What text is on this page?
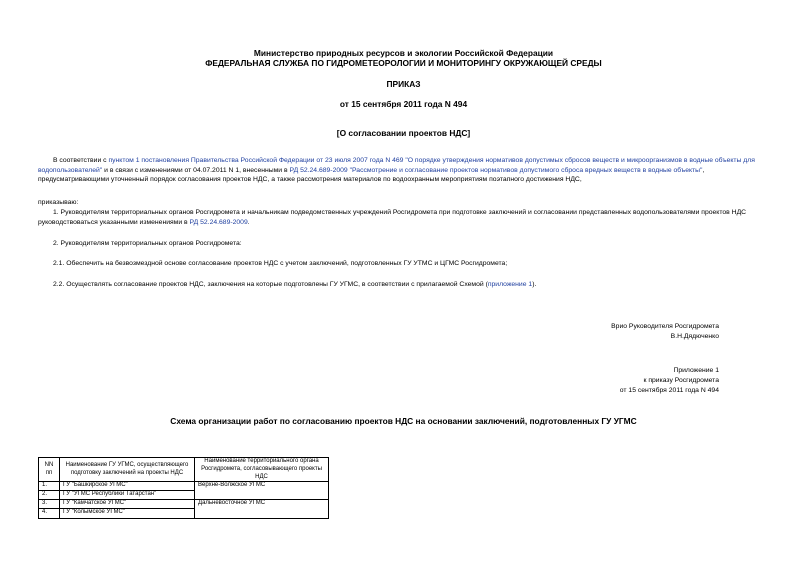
Министерство природных ресурсов и экологии Российской Федерации
ФЕДЕРАЛЬНАЯ СЛУЖБА ПО ГИДРОМЕТЕОРОЛОГИИ И МОНИТОРИНГУ ОКРУЖАЮЩЕЙ СРЕДЫ
ПРИКАЗ
от 15 сентября 2011 года N 494
[О согласовании проектов НДС]
В соответствии с пунктом 1 постановления Правительства Российской Федерации от 23 июля 2007 года N 469 "О порядке утверждения нормативов допустимых сбросов веществ и микроорганизмов в водные объекты для водопользователей" и в связи с изменениями от 04.07.2011 N 1, внесенными в РД 52.24.689-2009 "Рассмотрение и согласование проектов нормативов допустимого сброса вредных веществ в водные объекты", предусматривающими уточненный порядок согласования проектов НДС, а также рассмотрения материалов по водоохранным мероприятиям поэтапного достижения НДС,
приказываю:
1. Руководителям территориальных органов Росгидромета и начальникам подведомственных учреждений Росгидромета при подготовке заключений и согласовании представленных водопользователями проектов НДС руководствоваться указанными изменениями в РД 52.24.689-2009.
2. Руководителям территориальных органов Росгидромета:
2.1. Обеспечить на безвозмездной основе согласование проектов НДС с учетом заключений, подготовленных ГУ УТМС и ЦГМС Росгидромета;
2.2. Осуществлять согласование проектов НДС, заключения на которые подготовлены ГУ УГМС, в соответствии с прилагаемой Схемой (приложение 1).
Врио Руководителя Росгидромета
В.Н.Дядюченко
Приложение 1
к приказу Росгидромета
от 15 сентября 2011 года N 494
Схема организации работ по согласованию проектов НДС на основании заключений, подготовленных ГУ УГМС
NN пп	Наименование ГУ УГМС, осуществляющего подготовку заключений на проекты НДС	Наименование территориального органа Росгидромета, согласовывающего проекты НДС
1.	ГУ "Башкирское УГМС"	Верхне-Волжское УГМС
2.	ГУ "УГМС Республики Татарстан"	
3.	ГУ "Камчатское УГМС"	Дальневосточное УГМС
4.	ГУ "Колымское УГМС"	
